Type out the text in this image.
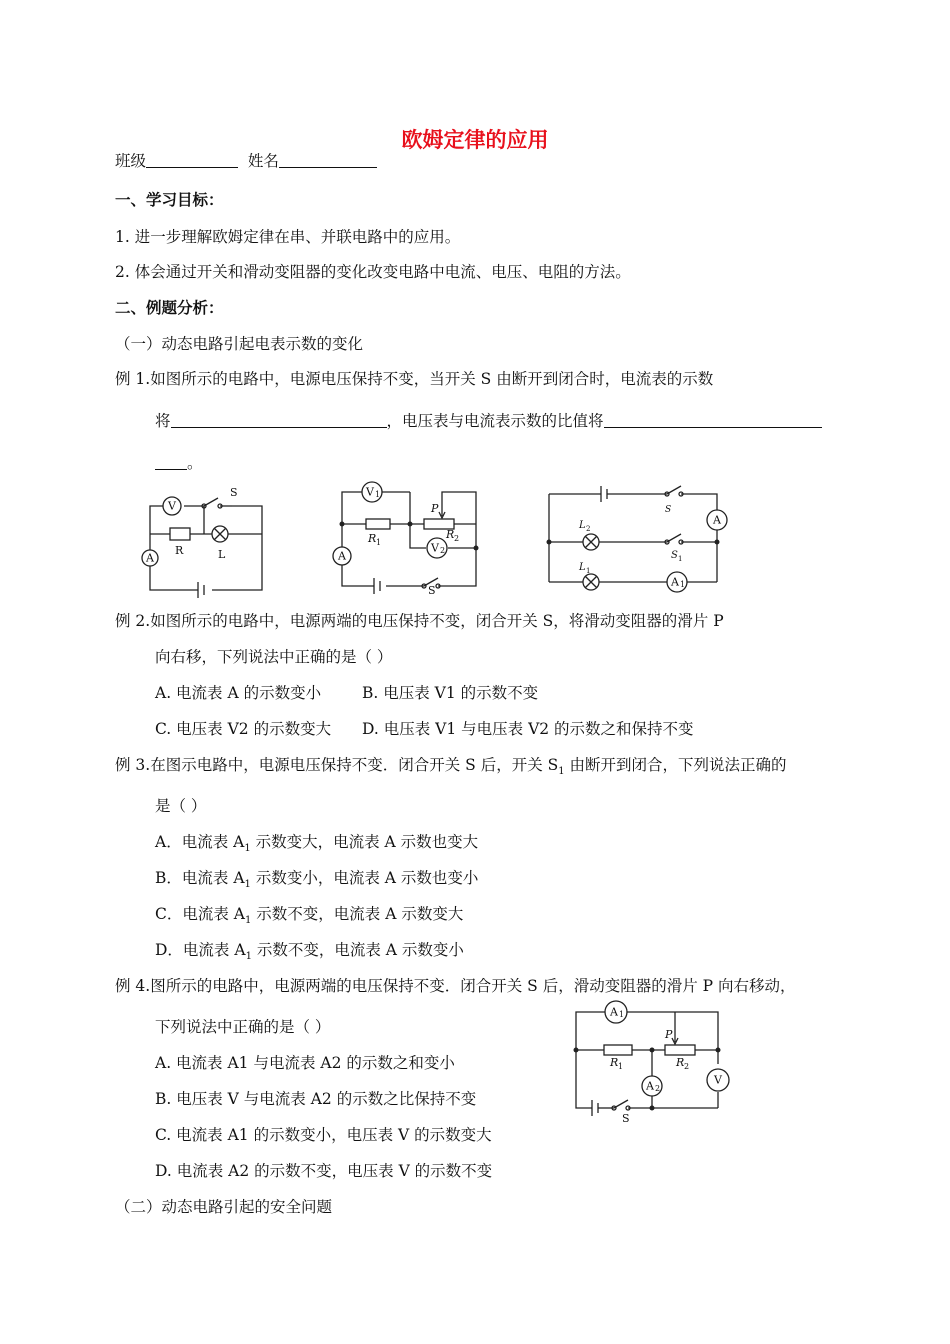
欧姆定律的应用
班级	姓名
一、学习目标：
1. 进一步理解欧姆定律在串、并联电路中的应用。
2. 体会通过开关和滑动变阻器的变化改变电路中电流、电压、电阻的方法。
二、例题分析：
（一）动态电路引起电表示数的变化
例 1.如图所示的电路中，电源电压保持不变，当开关 S 由断开到闭合时，电流表的示数
将	，电压表与电流表示数的比值将
。
V
A
S
R	L
V 1
V 2
A
R 1
P
R 2
S
A
A 1
S
L 2
S 1
L 1
例 2.如图所示的电路中，电源两端的电压保持不变，闭合开关 S，将滑动变阻器的滑片 P
向右移，下列说法中正确的是（ ）
A. 电流表 A 的示数变小	B. 电压表 V1 的示数不变
C. 电压表 V2 的示数变大 D. 电压表 V1 与电压表 V2 的示数之和保持不变
例 3.在图示电路中，电源电压保持不变．闭合开关 S 后，开关 $S_1$ 由断开到闭合，下列说法正确的
是（ ）
A．电流表 $A_1$ 示数变大，电流表 A 示数也变大
B．电流表 $A_1$ 示数变小，电流表 A 示数也变小
C．电流表 $A_1$ 示数不变，电流表 A 示数变大
D．电流表 $A_1$ 示数不变，电流表 A 示数变小
例 4.图所示的电路中，电源两端的电压保持不变．闭合开关 S 后，滑动变阻器的滑片 P 向右移动，
下列说法中正确的是（ ）
A. 电流表 A1 与电流表 A2 的示数之和变小
B. 电压表 V 与电流表 A2 的示数之比保持不变
C. 电流表 A1 的示数变小，电压表 V 的示数变大
D. 电流表 A2 的示数不变，电压表 V 的示数不变
A 1
A 2
V
P
R 1	R 2
S
（二）动态电路引起的安全问题
